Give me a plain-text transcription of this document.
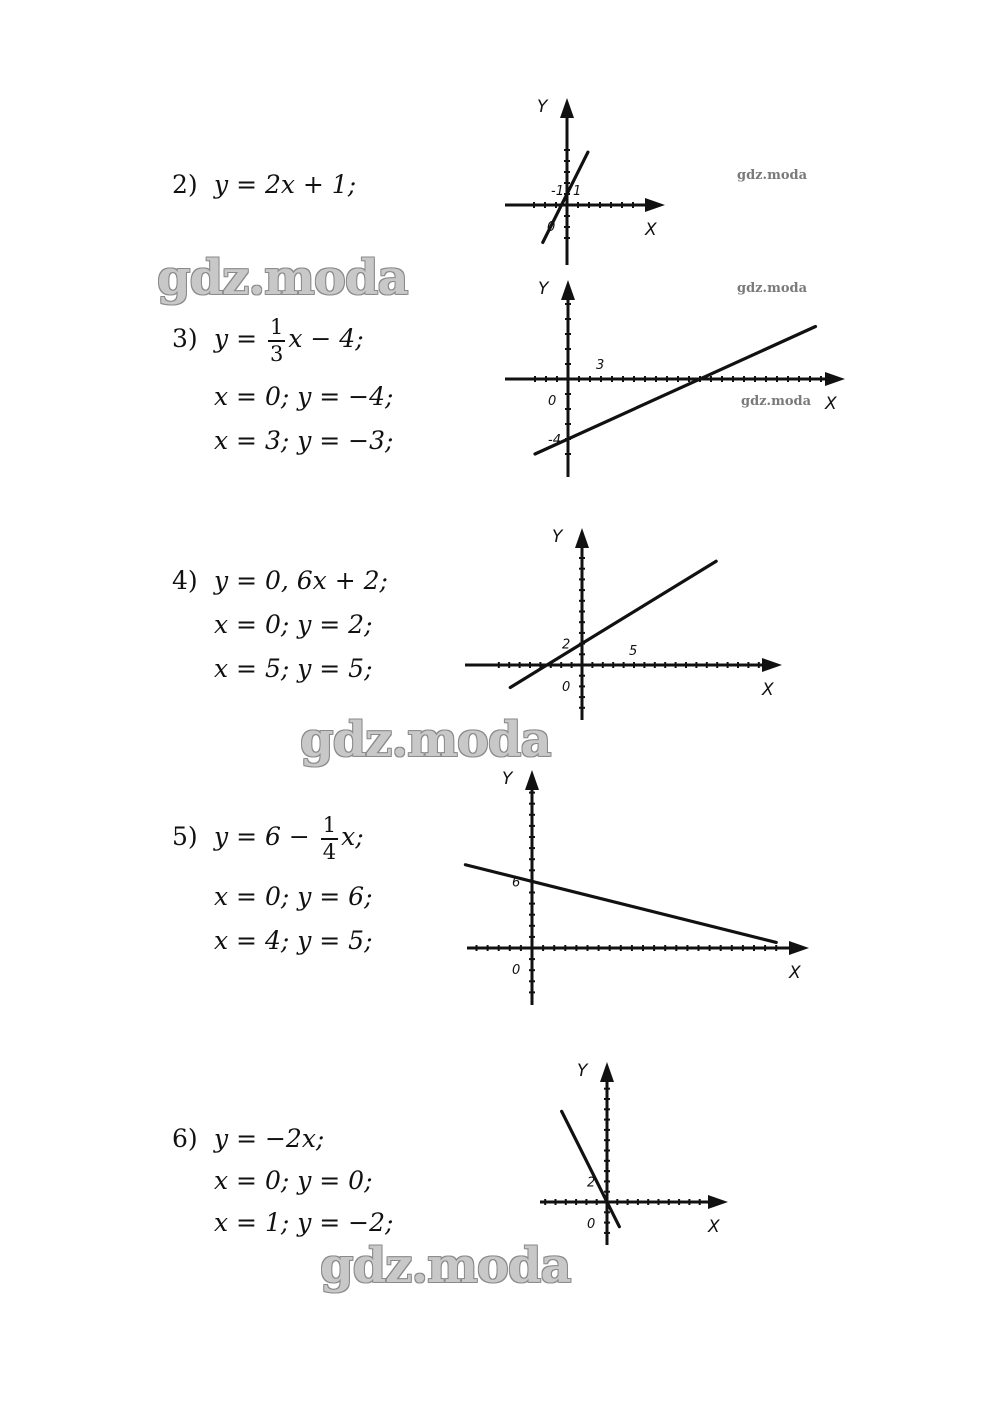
2) y = 2x + 1;
3) $y = \frac{1}{3}$ x − 4;
x = 0; y = −4;
x = 3; y = −3;
4) y = 0, 6x + 2;
x = 0; y = 2;
x = 5; y = 5;
5) $y = 6 - \frac{1}{4} x$;
x = 0; y = 6;
x = 4; y = 5;
6) y = −2x;
x = 0; y = 0;
x = 1; y = −2;
X
Y
0
-1 1
X
Y
0
3
-4
X
Y
0
5
2
X
Y
0
6
X
Y
0
2
gdz.moda
gdz.moda
gdz.moda
gdz.moda
gdz.moda
gdz.moda
